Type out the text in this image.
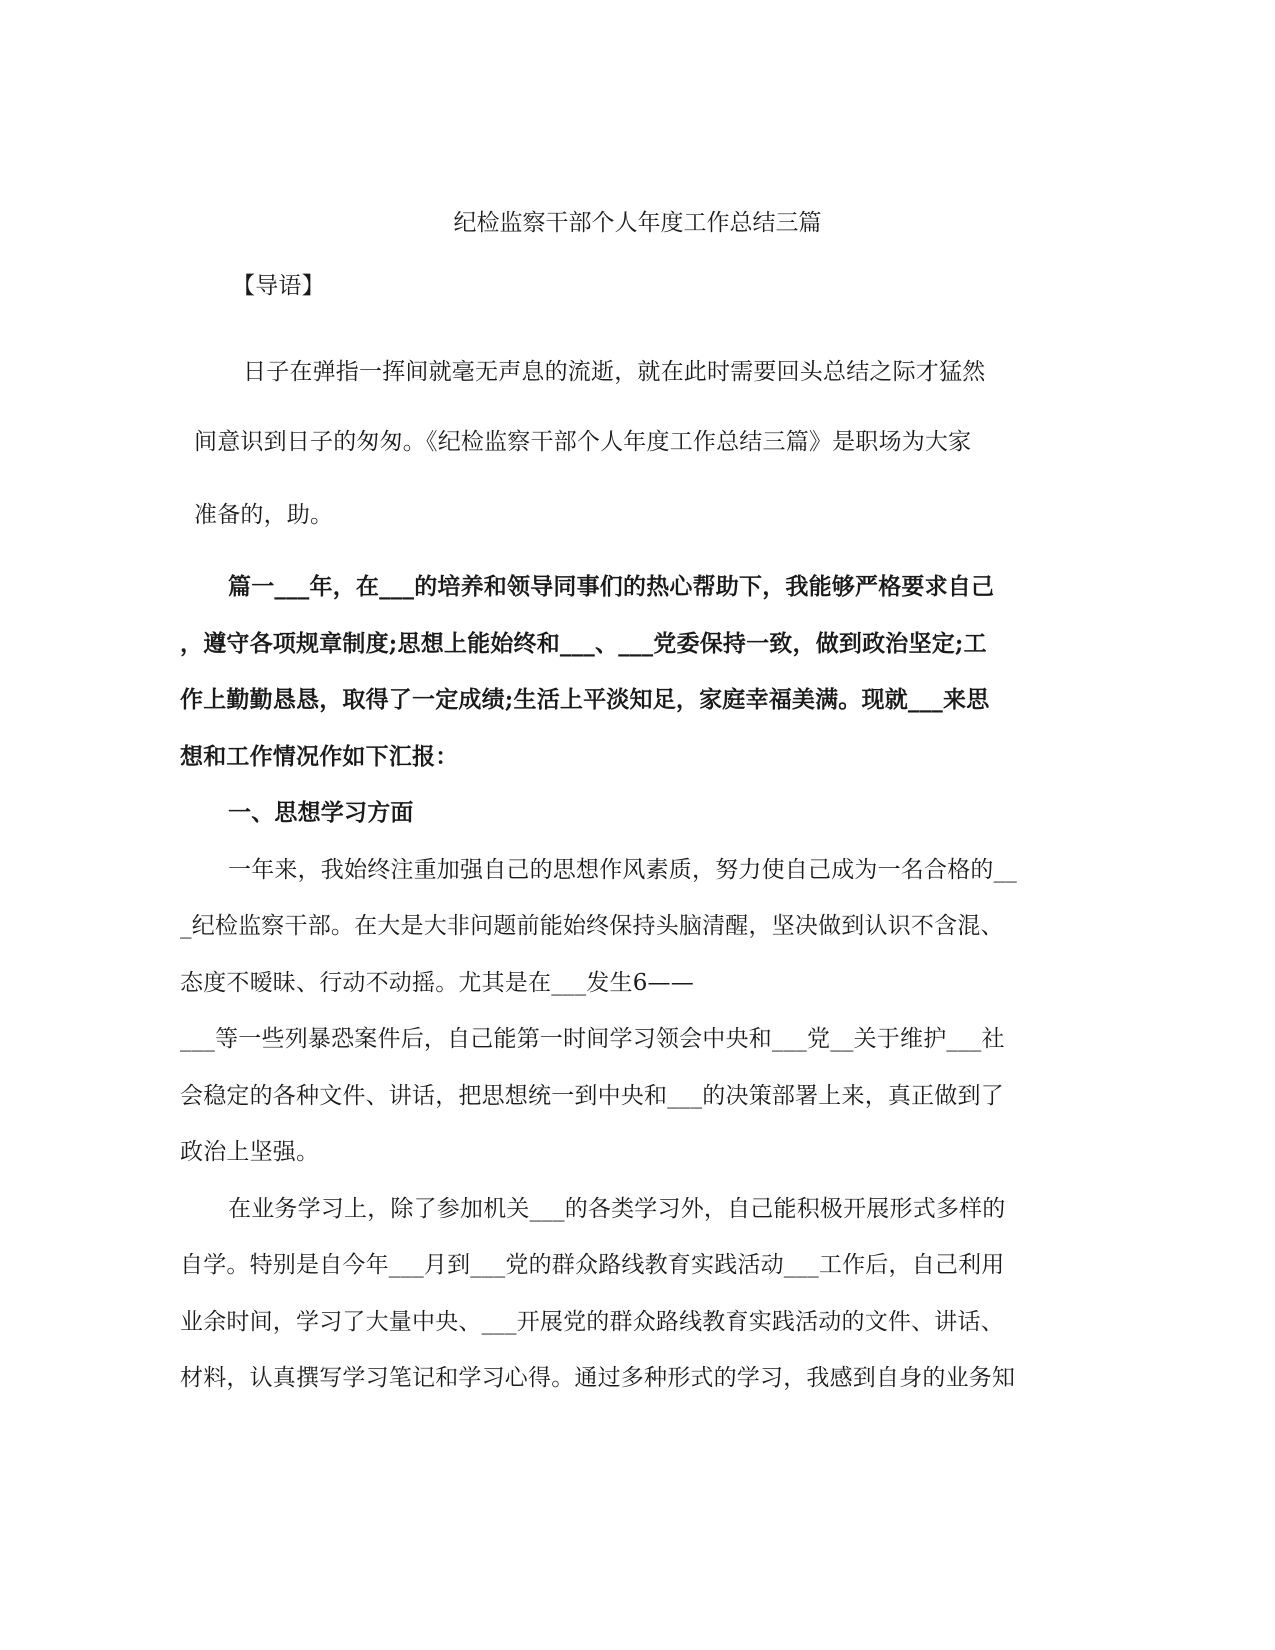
纪检监察干部个人年度工作总结三篇
【导语】
日子在弹指一挥间就毫无声息的流逝，就在此时需要回头总结之际才猛然
间意识到日子的匆匆。《纪检监察干部个人年度工作总结三篇》是职场为大家
准备的，助。
篇一___年，在___的培养和领导同事们的热心帮助下，我能够严格要求自己
，遵守各项规章制度;思想上能始终和___、___党委保持一致，做到政治坚定;工
作上勤勤恳恳，取得了一定成绩;生活上平淡知足，家庭幸福美满。现就___来思
想和工作情况作如下汇报：
一、思想学习方面
一年来，我始终注重加强自己的思想作风素质，努力使自己成为一名合格的__
_纪检监察干部。在大是大非问题前能始终保持头脑清醒，坚决做到认识不含混、
态度不暧昧、行动不动摇。尤其是在___发生6——
___等一些列暴恐案件后，自己能第一时间学习领会中央和___党__关于维护___社
会稳定的各种文件、讲话，把思想统一到中央和___的决策部署上来，真正做到了
政治上坚强。
在业务学习上，除了参加机关___的各类学习外，自己能积极开展形式多样的
自学。特别是自今年___月到___党的群众路线教育实践活动___工作后，自己利用
业余时间，学习了大量中央、___开展党的群众路线教育实践活动的文件、讲话、
材料，认真撰写学习笔记和学习心得。通过多种形式的学习，我感到自身的业务知
